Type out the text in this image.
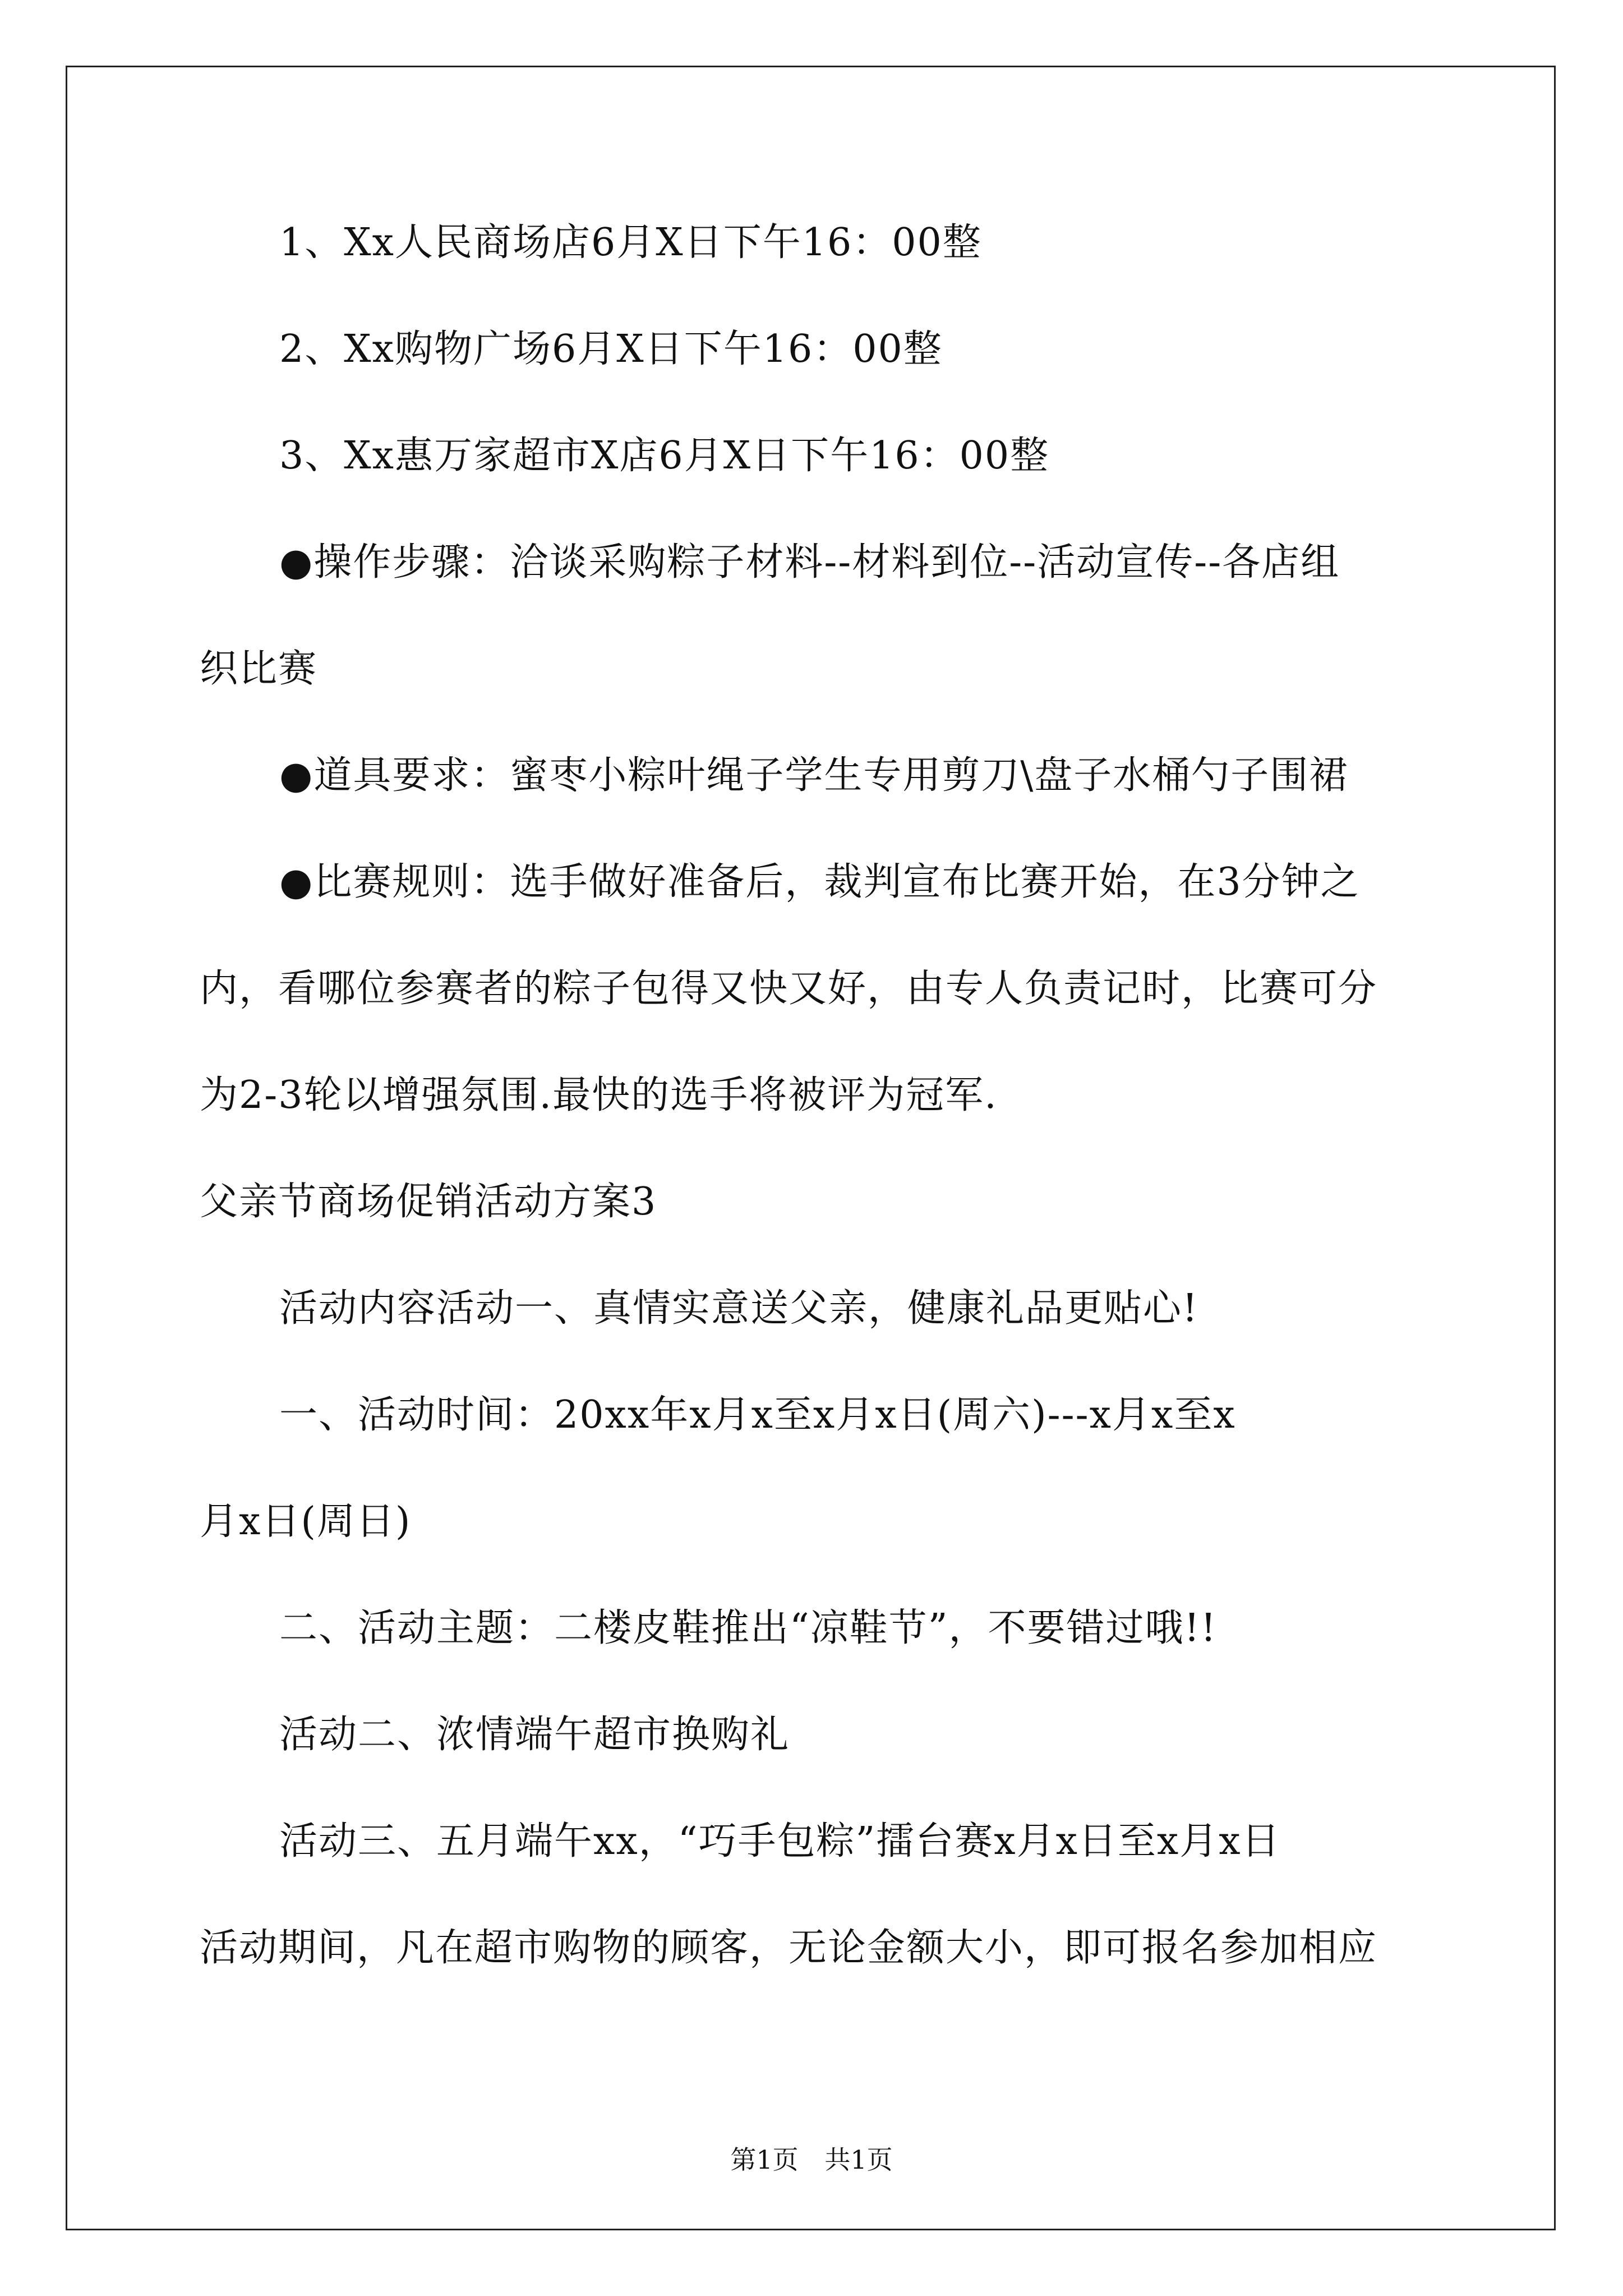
1、Xx人民商场店6月X日下午16：00整
2、Xx购物广场6月X日下午16：00整
3、Xx惠万家超市X店6月X日下午16：00整
●操作步骤：洽谈采购粽子材料--材料到位--活动宣传--各店组
织比赛
●道具要求：蜜枣小粽叶绳子学生专用剪刀\盘子水桶勺子围裙
●比赛规则：选手做好准备后，裁判宣布比赛开始，在3分钟之
内，看哪位参赛者的粽子包得又快又好，由专人负责记时，比赛可分
为2-3轮以增强氛围.最快的选手将被评为冠军.
父亲节商场促销活动方案3
活动内容活动一、真情实意送父亲，健康礼品更贴心!
一、活动时间：20xx年x月x至x月x日(周六)---x月x至x
月x日(周日)
二、活动主题：二楼皮鞋推出“凉鞋节”，不要错过哦!!
活动二、浓情端午超市换购礼
活动三、五月端午xx，“巧手包粽”擂台赛x月x日至x月x日
活动期间，凡在超市购物的顾客，无论金额大小，即可报名参加相应
第1页 共1页
